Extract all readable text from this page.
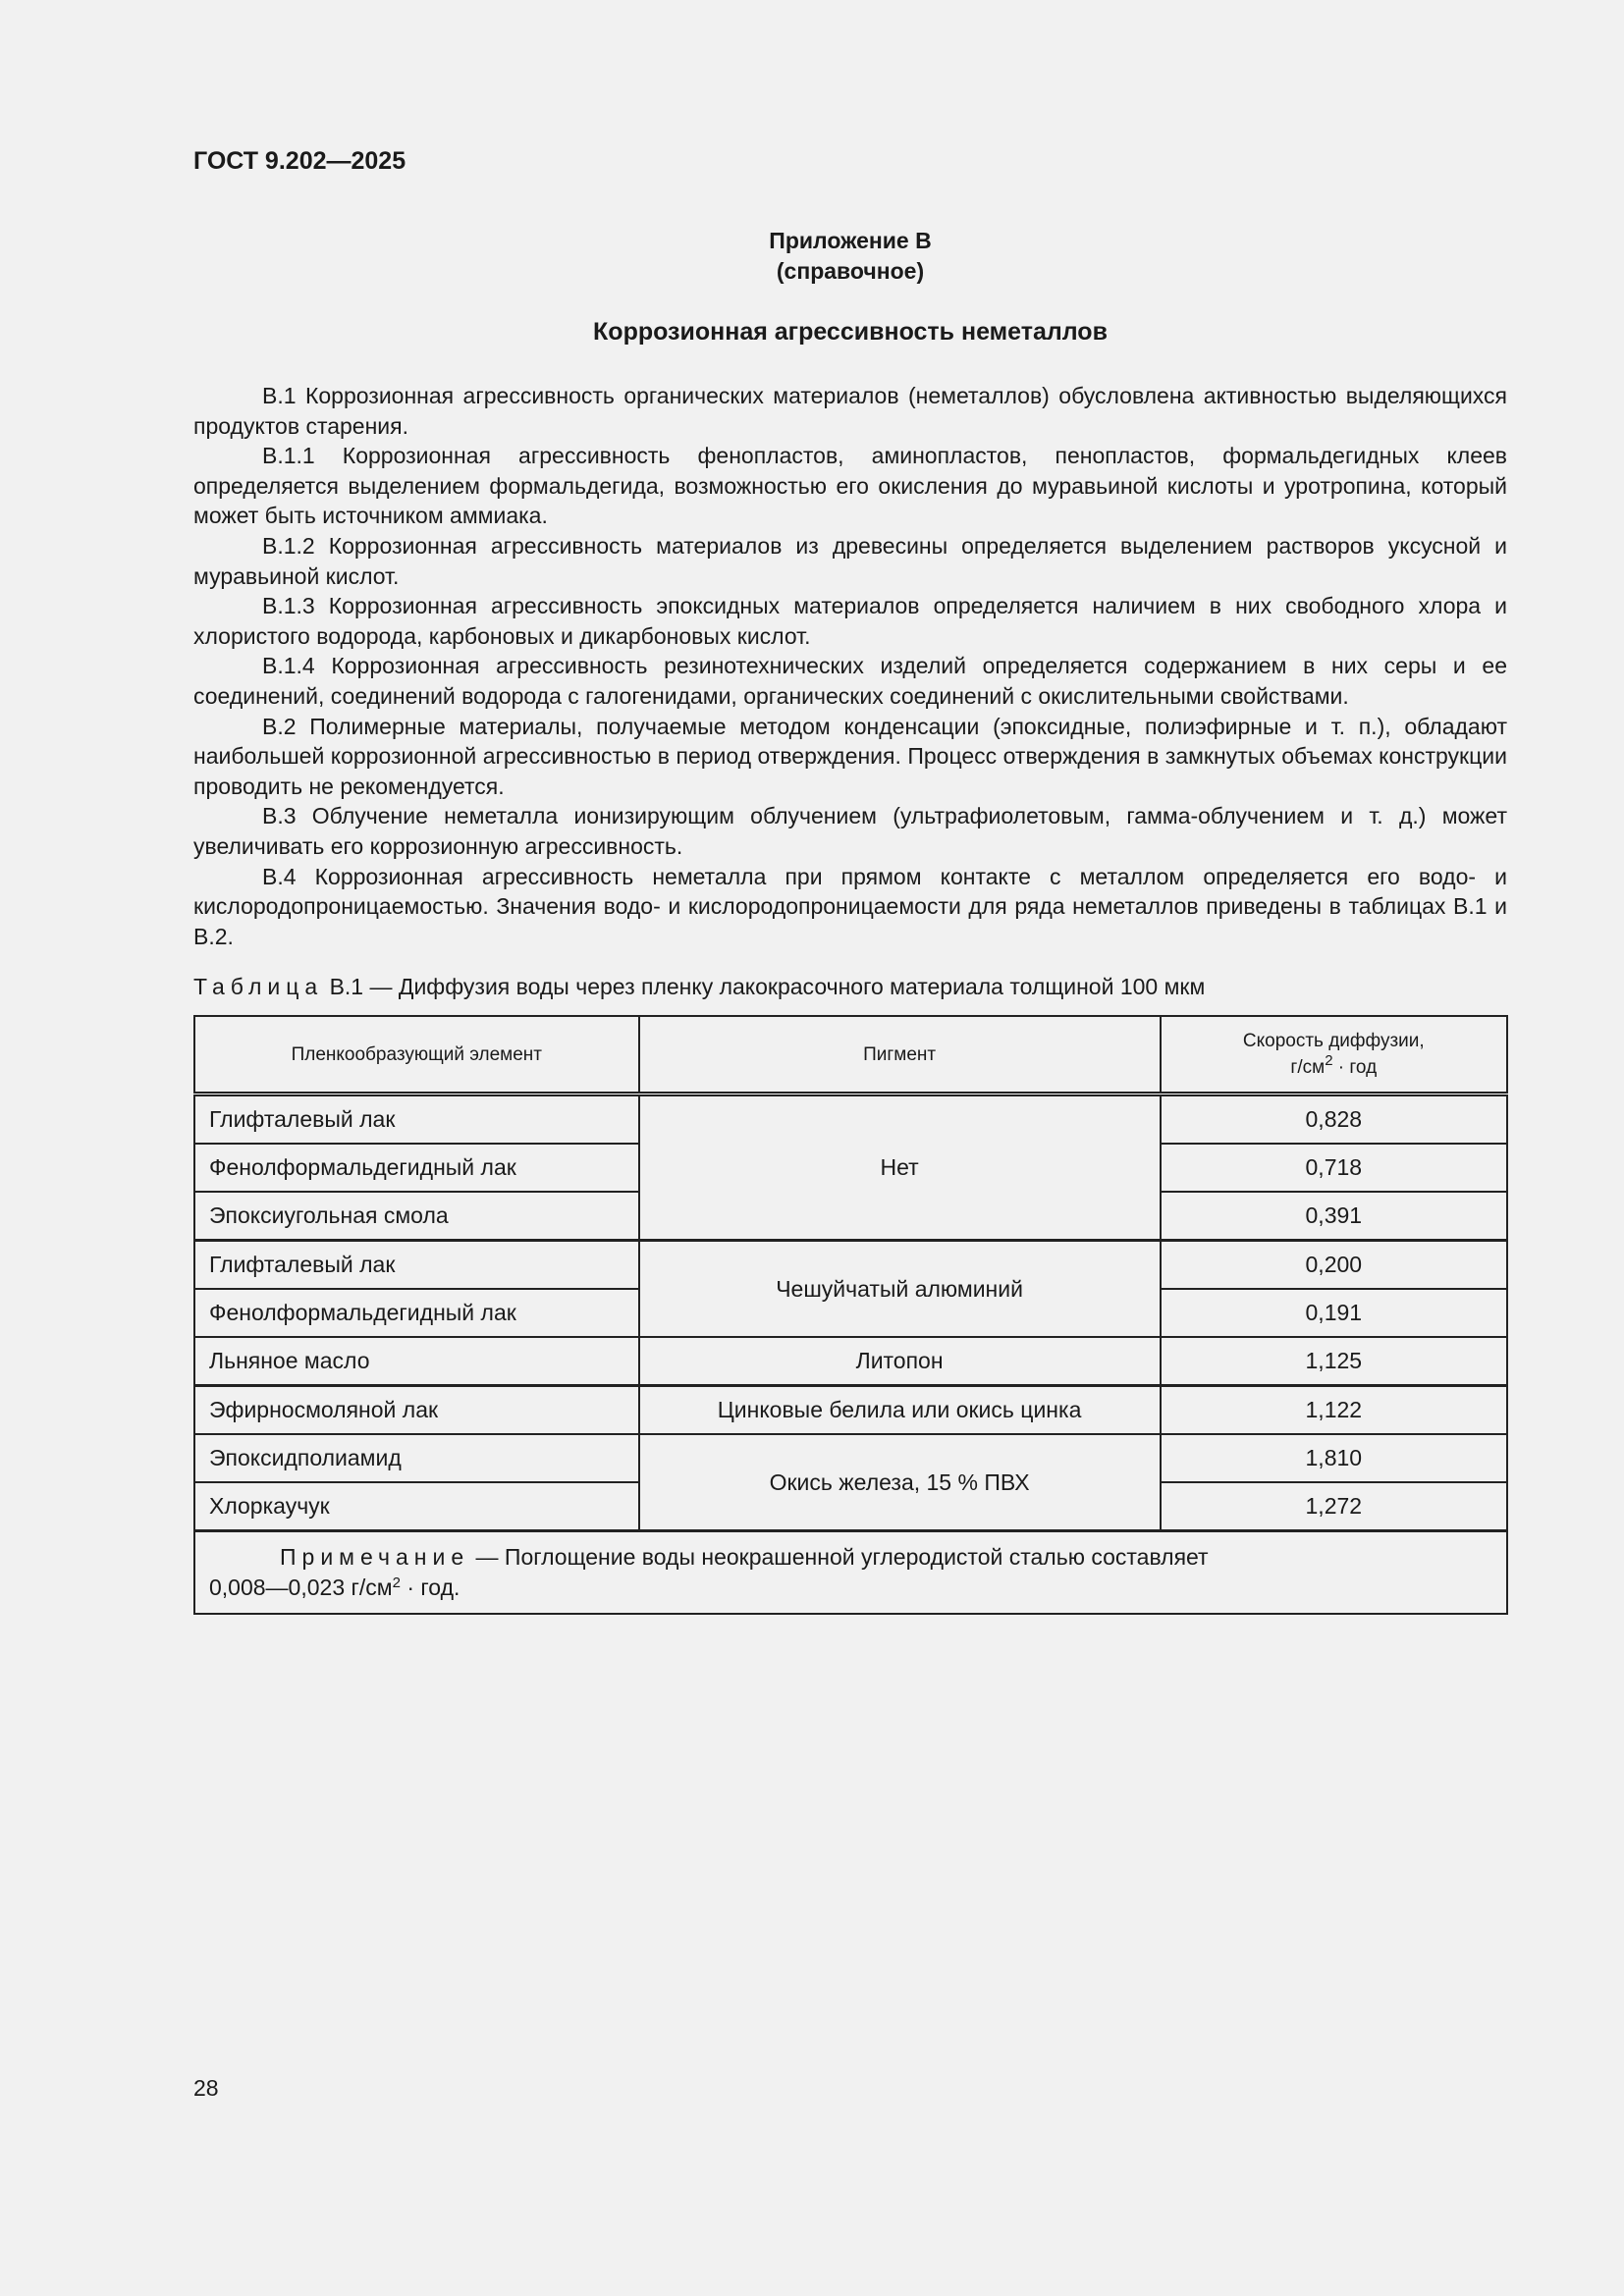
ГОСТ 9.202—2025
Приложение В
(справочное)
Коррозионная агрессивность неметаллов

В.1 Коррозионная агрессивность органических материалов (неметаллов) обусловлена активностью выделяющихся продуктов старения.

В.1.1 Коррозионная агрессивность фенопластов, аминопластов, пенопластов, формальдегидных клеев определяется выделением формальдегида, возможностью его окисления до муравьиной кислоты и уротропина, который может быть источником аммиака.

В.1.2 Коррозионная агрессивность материалов из древесины определяется выделением растворов уксусной и муравьиной кислот.

В.1.3 Коррозионная агрессивность эпоксидных материалов определяется наличием в них свободного хлора и хлористого водорода, карбоновых и дикарбоновых кислот.

В.1.4 Коррозионная агрессивность резинотехнических изделий определяется содержанием в них серы и ее соединений, соединений водорода с галогенидами, органических соединений с окислительными свойствами.

В.2 Полимерные материалы, получаемые методом конденсации (эпоксидные, полиэфирные и т. п.), обладают наибольшей коррозионной агрессивностью в период отверждения. Процесс отверждения в замкнутых объемах конструкции проводить не рекомендуется.

В.3 Облучение неметалла ионизирующим облучением (ультрафиолетовым, гамма-облучением и т. д.) может увеличивать его коррозионную агрессивность.

В.4 Коррозионная агрессивность неметалла при прямом контакте с металлом определяется его водо- и кислородопроницаемостью. Значения водо- и кислородопроницаемости для ряда неметаллов приведены в таблицах В.1 и В.2.

Таблица В.1 — Диффузия воды через пленку лакокрасочного материала толщиной 100 мкм
Пленкообразующий элемент	Пигмент	Скорость диффузии,
$г/см^2$ · год

Глифталевый лак	Нет	0,828
Фенолформальдегидный лак		0,718
Эпоксиугольная смола		0,391
Глифталевый лак	Чешуйчатый алюминий	0,200
Фенолформальдегидный лак		0,191
Льняное масло	Литопон	1,125
Эфирносмоляной лак	Цинковые белила или окись цинка	1,122
Эпоксидполиамид	Окись железа, 15 % ПВХ	1,810
Хлоркаучук		1,272

Примечание — Поглощение воды неокрашенной углеродистой сталью составляет
0,008—0,023 $г/см^2$ · год.		
28
